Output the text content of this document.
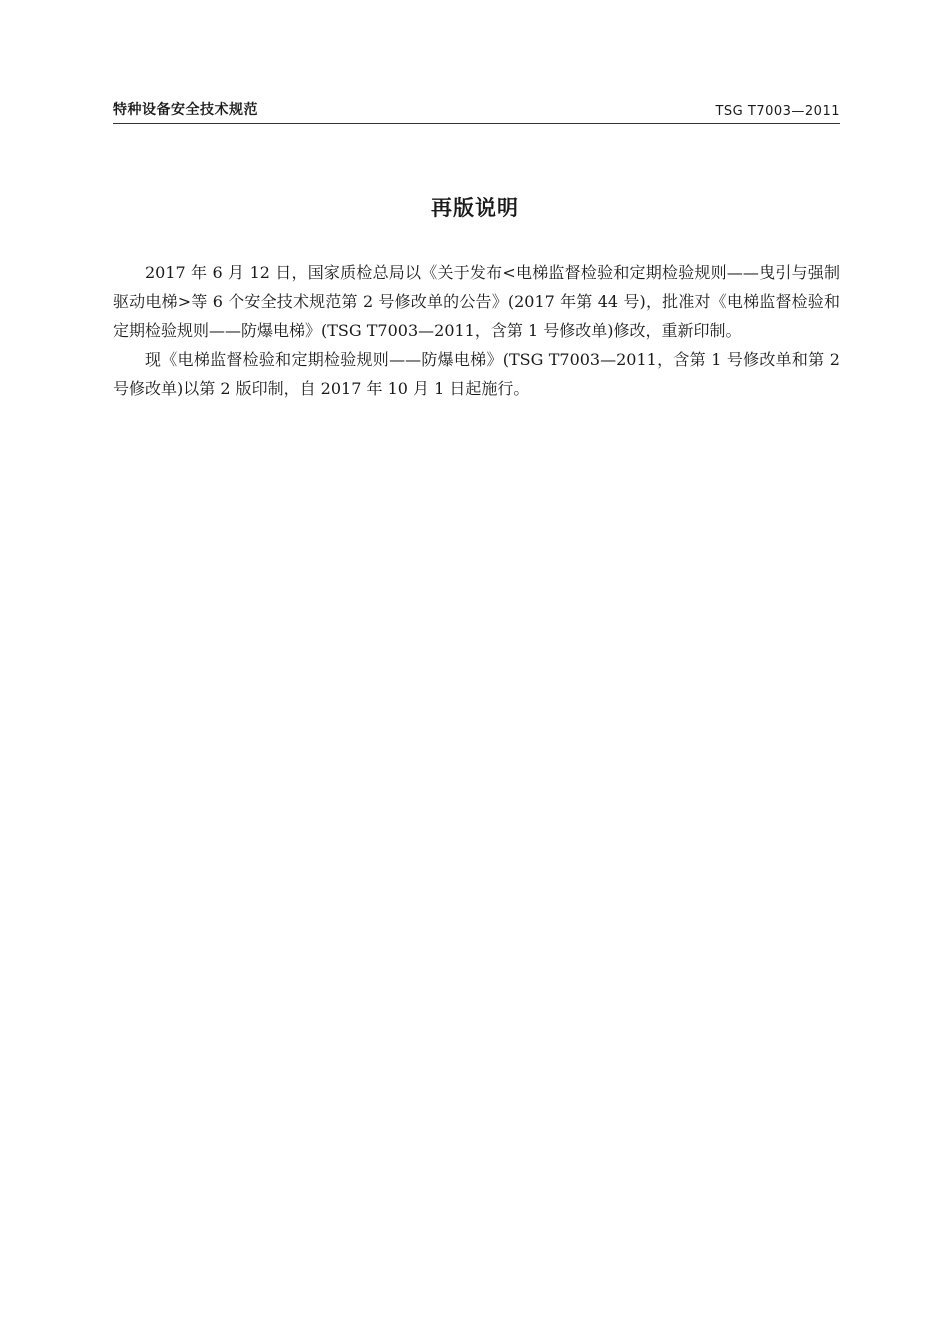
特种设备安全技术规范	TSG T7003—2011
再版说明

2017 年 6 月 12 日，国家质检总局以《关于发布<电梯监督检验和定期检验规则——曳引与强制驱动电梯>等 6 个安全技术规范第 2 号修改单的公告》(2017 年第 44 号)，批准对《电梯监督检验和定期检验规则——防爆电梯》(TSG T7003—2011，含第 1 号修改单)修改，重新印制。

现《电梯监督检验和定期检验规则——防爆电梯》(TSG T7003—2011，含第 1 号修改单和第 2 号修改单)以第 2 版印制，自 2017 年 10 月 1 日起施行。
